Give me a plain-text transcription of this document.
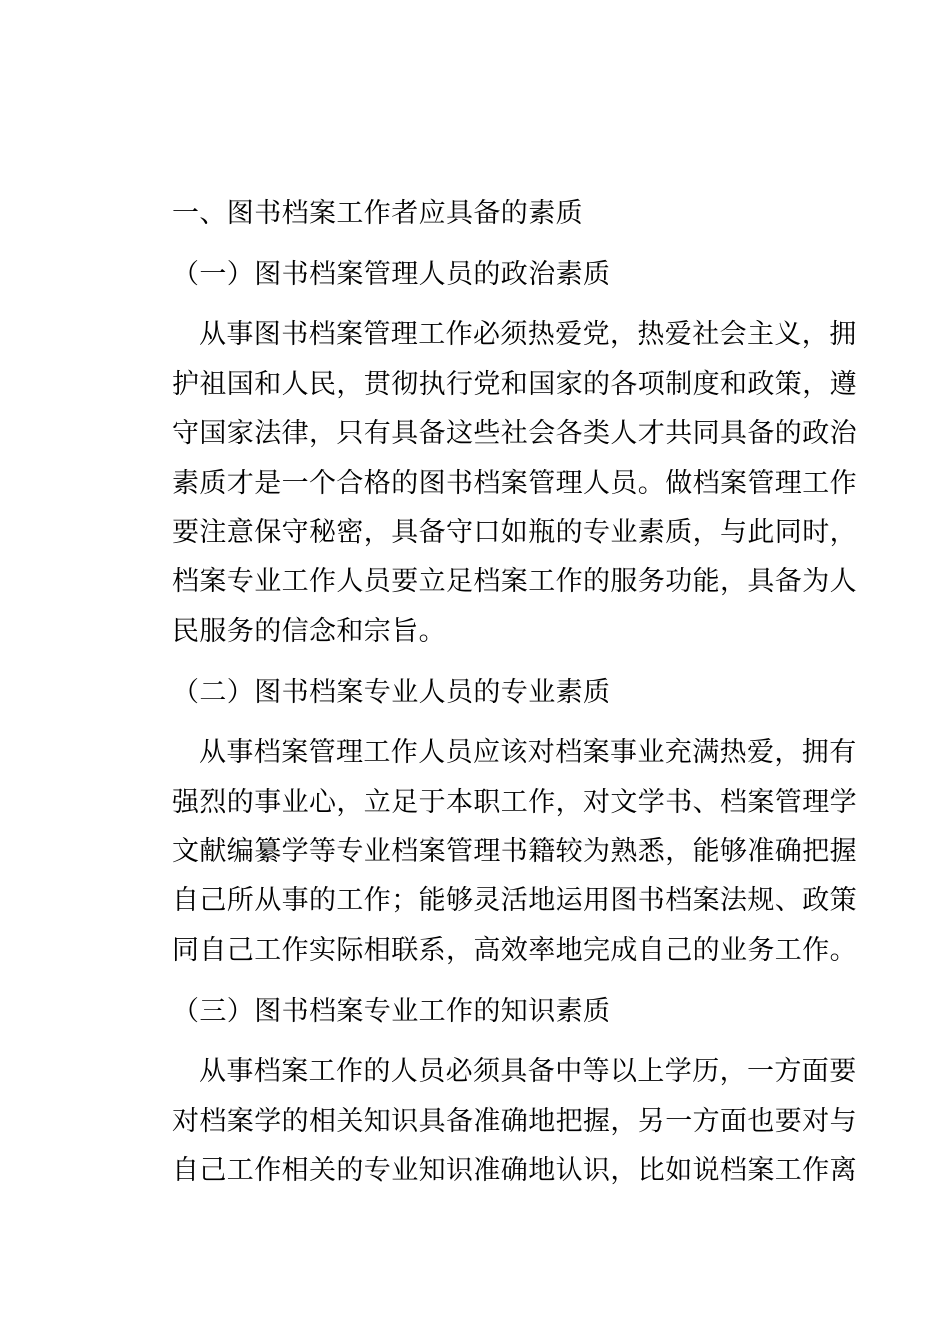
一、图书档案工作者应具备的素质
（一）图书档案管理人员的政治素质
从事图书档案管理工作必须热爱党，热爱社会主义，拥
护祖国和人民，贯彻执行党和国家的各项制度和政策，遵
守国家法律，只有具备这些社会各类人才共同具备的政治
素质才是一个合格的图书档案管理人员。做档案管理工作
要注意保守秘密，具备守口如瓶的专业素质，与此同时，
档案专业工作人员要立足档案工作的服务功能，具备为人
民服务的信念和宗旨。
（二）图书档案专业人员的专业素质
从事档案管理工作人员应该对档案事业充满热爱，拥有
强烈的事业心，立足于本职工作，对文学书、档案管理学
文献编纂学等专业档案管理书籍较为熟悉，能够准确把握
自己所从事的工作；能够灵活地运用图书档案法规、政策
同自己工作实际相联系，高效率地完成自己的业务工作。
（三）图书档案专业工作的知识素质
从事档案工作的人员必须具备中等以上学历，一方面要
对档案学的相关知识具备准确地把握，另一方面也要对与
自己工作相关的专业知识准确地认识，比如说档案工作离
